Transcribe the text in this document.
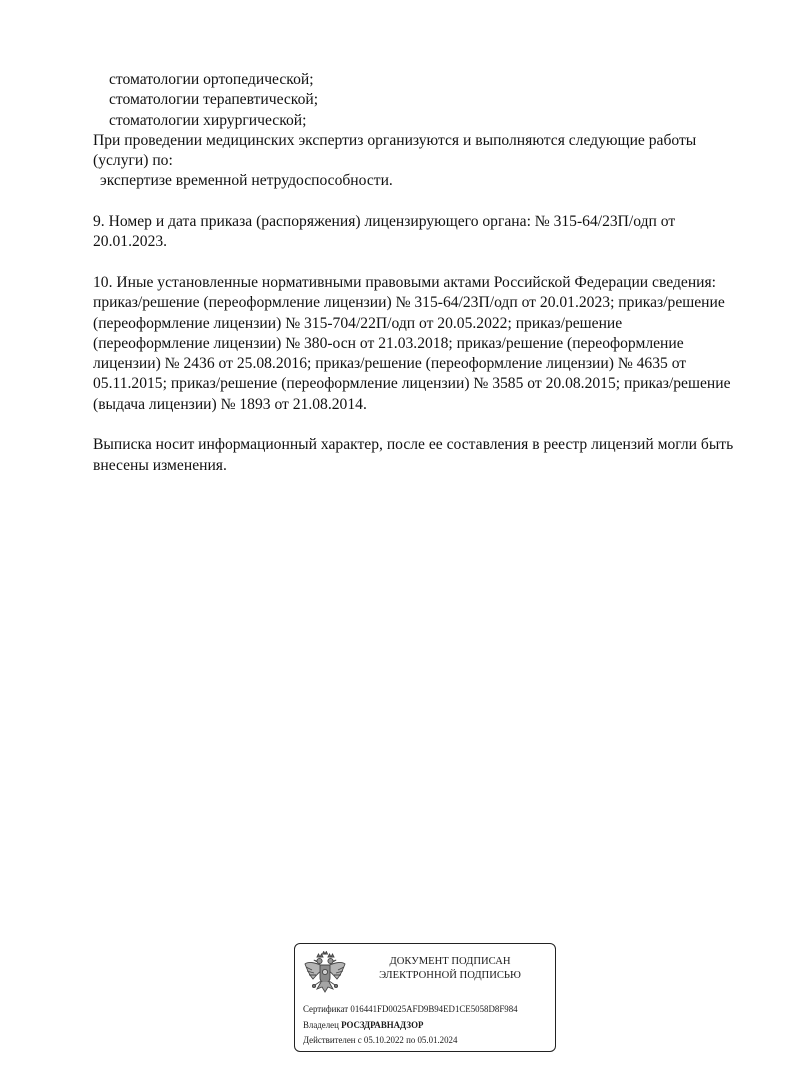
стоматологии ортопедической;
стоматологии терапевтической;
стоматологии хирургической;
При проведении медицинских экспертиз организуются и выполняются следующие работы
(услуги) по:
экспертизе временной нетрудоспособности.
9. Номер и дата приказа (распоряжения) лицензирующего органа: № 315-64/23П/одп от
20.01.2023.
10. Иные установленные нормативными правовыми актами Российской Федерации сведения:
приказ/решение (переоформление лицензии) № 315-64/23П/одп от 20.01.2023; приказ/решение
(переоформление лицензии) № 315-704/22П/одп от 20.05.2022; приказ/решение
(переоформление лицензии) № 380-осн от 21.03.2018; приказ/решение (переоформление
лицензии) № 2436 от 25.08.2016; приказ/решение (переоформление лицензии) № 4635 от
05.11.2015; приказ/решение (переоформление лицензии) № 3585 от 20.08.2015; приказ/решение
(выдача лицензии) № 1893 от 21.08.2014.
Выписка носит информационный характер, после ее составления в реестр лицензий могли быть
внесены изменения.
ДОКУМЕНТ ПОДПИСАН
ЭЛЕКТРОННОЙ ПОДПИСЬЮ
Сертификат 016441FD0025AFD9B94ED1CE5058D8F984
Владелец РОСЗДРАВНАДЗОР
Действителен с 05.10.2022 по 05.01.2024
